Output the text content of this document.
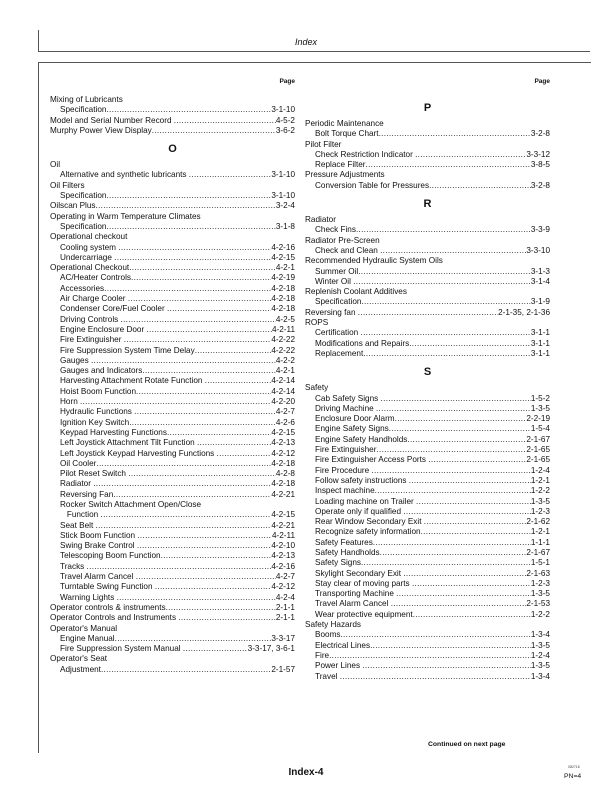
Index
Page
Mixing of Lubricants
Specification .....	3-1-10
Model and Serial Number Record .....	4-5-2
Murphy Power View Display .....	3-6-2
O
Oil
Alternative and synthetic lubricants .....	3-1-10
Oil Filters
Specification .....	3-1-10
Oilscan Plus .....	3-2-4
Operating in Warm Temperature Climates
Specification .....	3-1-8
Operational checkout
Cooling system .....	4-2-16
Undercarriage .....	4-2-15
Operational Checkout .....	4-2-1
AC/Heater Controls .....	4-2-19
Accessories .....	4-2-18
Air Charge Cooler .....	4-2-18
Condenser Core/Fuel Cooler .....	4-2-18
Driving Controls .....	4-2-5
Engine Enclosure Door .....	4-2-11
Fire Extinguisher .....	4-2-22
Fire Suppression System Time Delay .....	4-2-22
Gauges .....	4-2-2
Gauges and Indicators .....	4-2-1
Harvesting Attachment Rotate Function .....	4-2-14
Hoist Boom Function .....	4-2-14
Horn .....	4-2-20
Hydraulic Functions .....	4-2-7
Ignition Key Switch .....	4-2-6
Keypad Harvesting Functions .....	4-2-15
Left Joystick Attachment Tilt Function .....	4-2-13
Left Joystick Keypad Harvesting Functions .....	4-2-12
Oil Cooler .....	4-2-18
Pilot Reset Switch .....	4-2-8
Radiator .....	4-2-18
Reversing Fan .....	4-2-21
Rocker Switch Attachment Open/Close
Function .....	4-2-15
Seat Belt .....	4-2-21
Stick Boom Function .....	4-2-11
Swing Brake Control .....	4-2-10
Telescoping Boom Function .....	4-2-13
Tracks .....	4-2-16
Travel Alarm Cancel .....	4-2-7
Turntable Swing Function .....	4-2-12
Warning Lights .....	4-2-4
Operator controls & instruments .....	2-1-1
Operator Controls and Instruments .....	2-1-1
Operator's Manual
Engine Manual .....	3-3-17
Fire Suppression System Manual .....	3-3-17, 3-6-1
Operator's Seat
Adjustment .....	2-1-57
Page
P
Periodic Maintenance
Bolt Torque Chart .....	3-2-8
Pilot Filter
Check Restriction Indicator .....	3-3-12
Replace Filter .....	3-8-5
Pressure Adjustments
Conversion Table for Pressures .....	3-2-8
R
Radiator
Check Fins .....	3-3-9
Radiator Pre-Screen
Check and Clean .....	3-3-10
Recommended Hydraulic System Oils
Summer Oil .....	3-1-3
Winter Oil .....	3-1-4
Replenish Coolant Additives
Specification .....	3-1-9
Reversing fan .....	2-1-35, 2-1-36
ROPS
Certification .....	3-1-1
Modifications and Repairs .....	3-1-1
Replacement .....	3-1-1
S
Safety
Cab Safety Signs .....	1-5-2
Driving Machine .....	1-3-5
Enclosure Door Alarm .....	2-2-19
Engine Safety Signs .....	1-5-4
Engine Safety Handholds .....	2-1-67
Fire Extinguisher .....	2-1-65
Fire Extinguisher Access Ports .....	2-1-65
Fire Procedure .....	1-2-4
Follow safety instructions .....	1-2-1
Inspect machine .....	1-2-2
Loading machine on Trailer .....	1-3-5
Operate only if qualified .....	1-2-3
Rear Window Secondary Exit .....	2-1-62
Recognize safety information .....	1-2-1
Safety Features .....	1-1-1
Safety Handholds .....	2-1-67
Safety Signs .....	1-5-1
Skylight Secondary Exit .....	2-1-63
Stay clear of moving parts .....	1-2-3
Transporting Machine .....	1-3-5
Travel Alarm Cancel .....	2-1-53
Wear protective equipment .....	1-2-2
Safety Hazards
Booms .....	1-3-4
Electrical Lines .....	1-3-5
Fire .....	1-2-4
Power Lines .....	1-3-5
Travel .....	1-3-4
Continued on next page
Index-4	082718
PN=4
